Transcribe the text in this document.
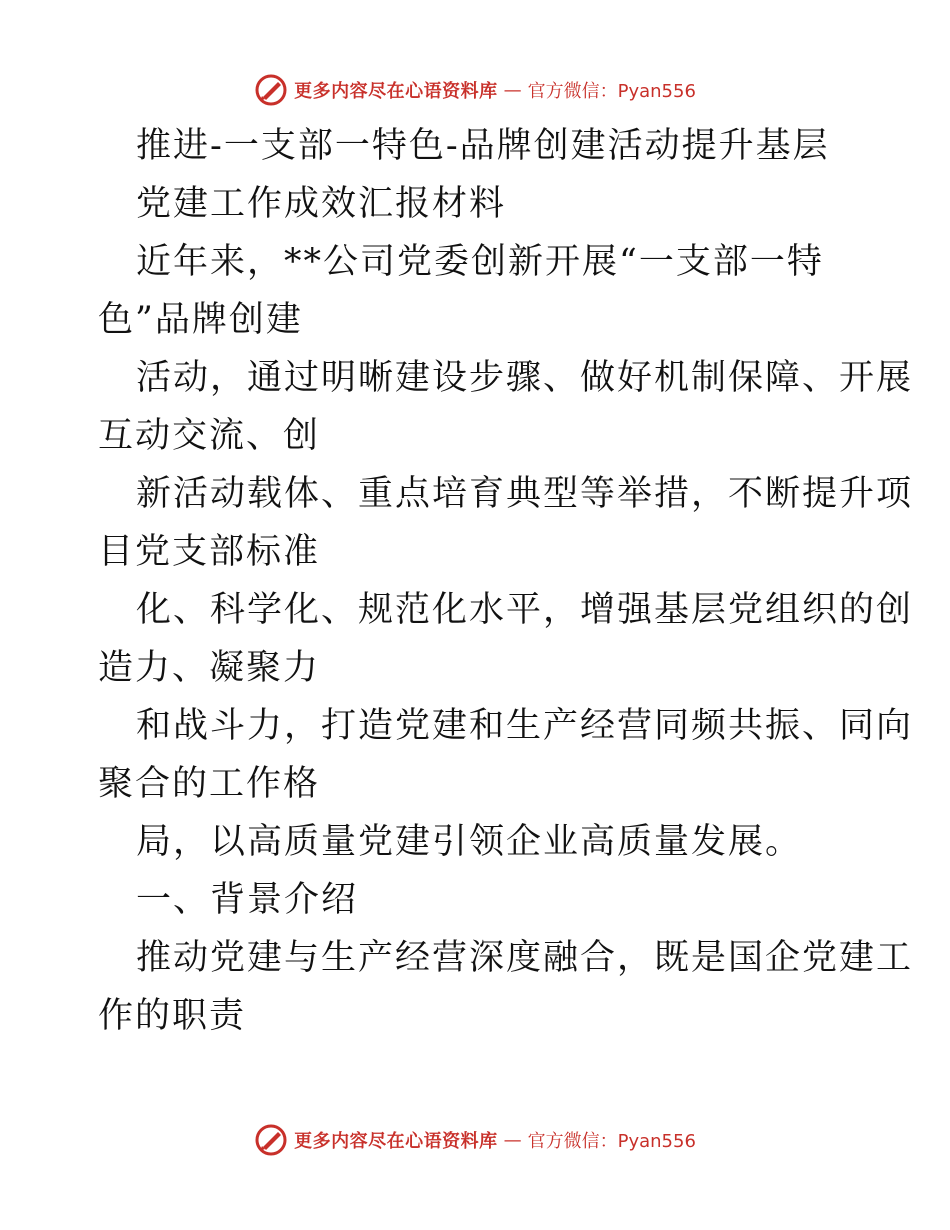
更多内容尽在心语资料库 — 官方微信：Pyan556
推进-一支部一特色-品牌创建活动提升基层
党建工作成效汇报材料
近年来，**公司党委创新开展“一支部一特
色”品牌创建
活动，通过明晰建设步骤、做好机制保障、开展
互动交流、创
新活动载体、重点培育典型等举措，不断提升项
目党支部标准
化、科学化、规范化水平，增强基层党组织的创
造力、凝聚力
和战斗力，打造党建和生产经营同频共振、同向
聚合的工作格
局，以高质量党建引领企业高质量发展。
一、背景介绍
推动党建与生产经营深度融合，既是国企党建工
作的职责
更多内容尽在心语资料库 — 官方微信：Pyan556
